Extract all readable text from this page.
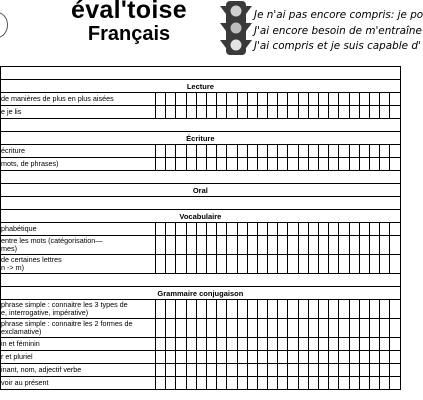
éval'toise
Français
Je n'ai pas encore compris: je po
J'ai encore besoin de m'entraîne
J'ai compris et je suis capable d'

Lecture																								

de manières de plus en plus aisées																								

e je lis																								

Écriture																								

écriture																								

mots, de phrases)																								

Oral																								

Vocabulaire																								

phabétique																								

entre les mots (catégorisation—
mes)																								

de certaines lettres
n -> m)																								

Grammaire conjugaison																								

phrase simple : connaitre les 3 types de
e, interrogative, impérative)																								

phrase simple : connaitre les 2 formes de
exclamative)																								

in et féminin																								

r et pluriel																								

inant, nom, adjectif verbe																								

voir au présent																								
